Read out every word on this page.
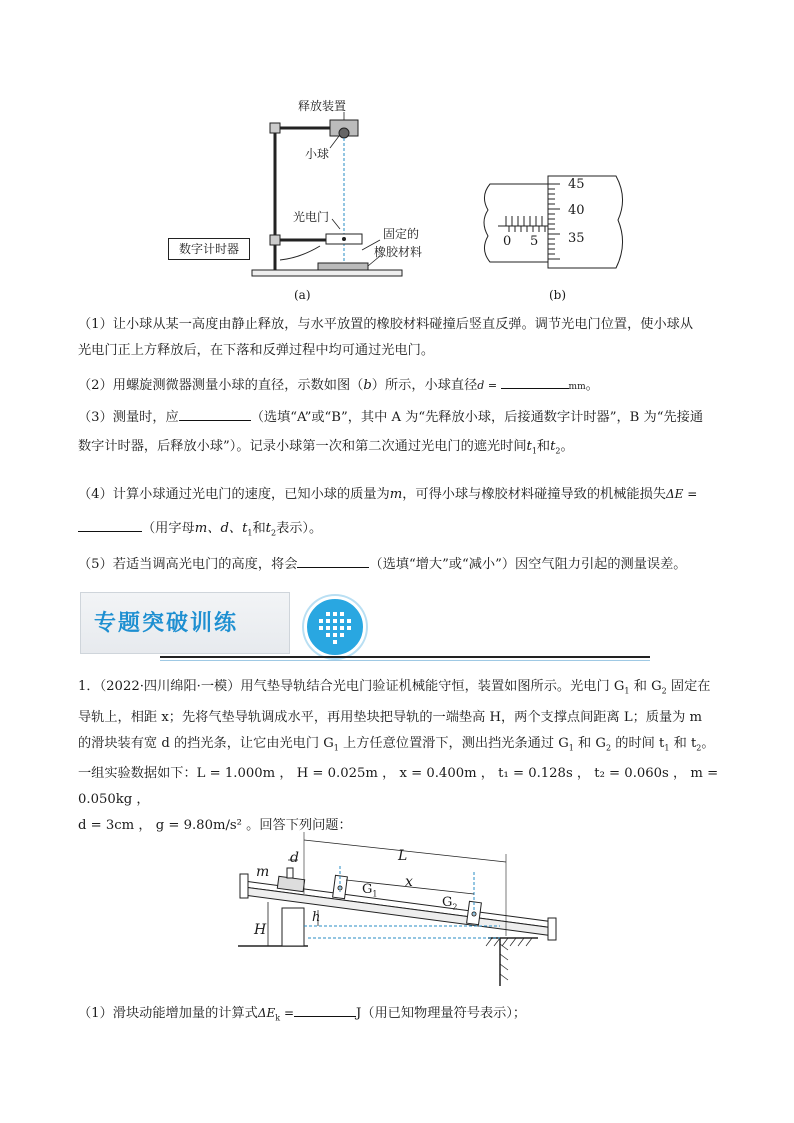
释放装置
小球
光电门
固定的
橡胶材料
数字计时器
(a)
45
40
35
0 5
(b)
（1）让小球从某一高度由静止释放，与水平放置的橡胶材料碰撞后竖直反弹。调节光电门位置，使小球从
光电门正上方释放后，在下落和反弹过程中均可通过光电门。
（2）用螺旋测微器测量小球的直径，示数如图（b）所示，小球直径d =	mm。
（3）测量时，应	（选填“A”或“B”，其中 A 为“先释放小球，后接通数字计时器”，B 为“先接通
数字计时器，后释放小球”）。记录小球第一次和第二次通过光电门的遮光时间$t_1$和$t_2$。
（4）计算小球通过光电门的速度，已知小球的质量为m，可得小球与橡胶材料碰撞导致的机械能损失ΔE =
（用字母m、d、$t_1$和$t_2$表示）。
（5）若适当调高光电门的高度，将会	（选填“增大”或“减小”）因空气阻力引起的测量误差。
专题突破训练
1．（2022·四川绵阳·一模）用气垫导轨结合光电门验证机械能守恒，装置如图所示。光电门 $G_1$ 和 $G_2$ 固定在
导轨上，相距 x；先将气垫导轨调成水平，再用垫块把导轨的一端垫高 H，两个支撑点间距离 L；质量为 m
的滑块装有宽 d 的挡光条，让它由光电门 $G_1$ 上方任意位置滑下，测出挡光条通过 $G_1$ 和 $G_2$ 的时间 $t_1$ 和 $t_2$。
一组实验数据如下：L = 1.000m ， H = 0.025m ， x = 0.400m ， t₁ = 0.128s ， t₂ = 0.060s ， m = 0.050kg ，
d = 3cm ， g = 9.80m/s² 。回答下列问题：
L
x
m
d
H
h
$G_1$
$G_2$
（1）滑块动能增加量的计算式$\Delta E_k$ =	J（用已知物理量符号表示）；
